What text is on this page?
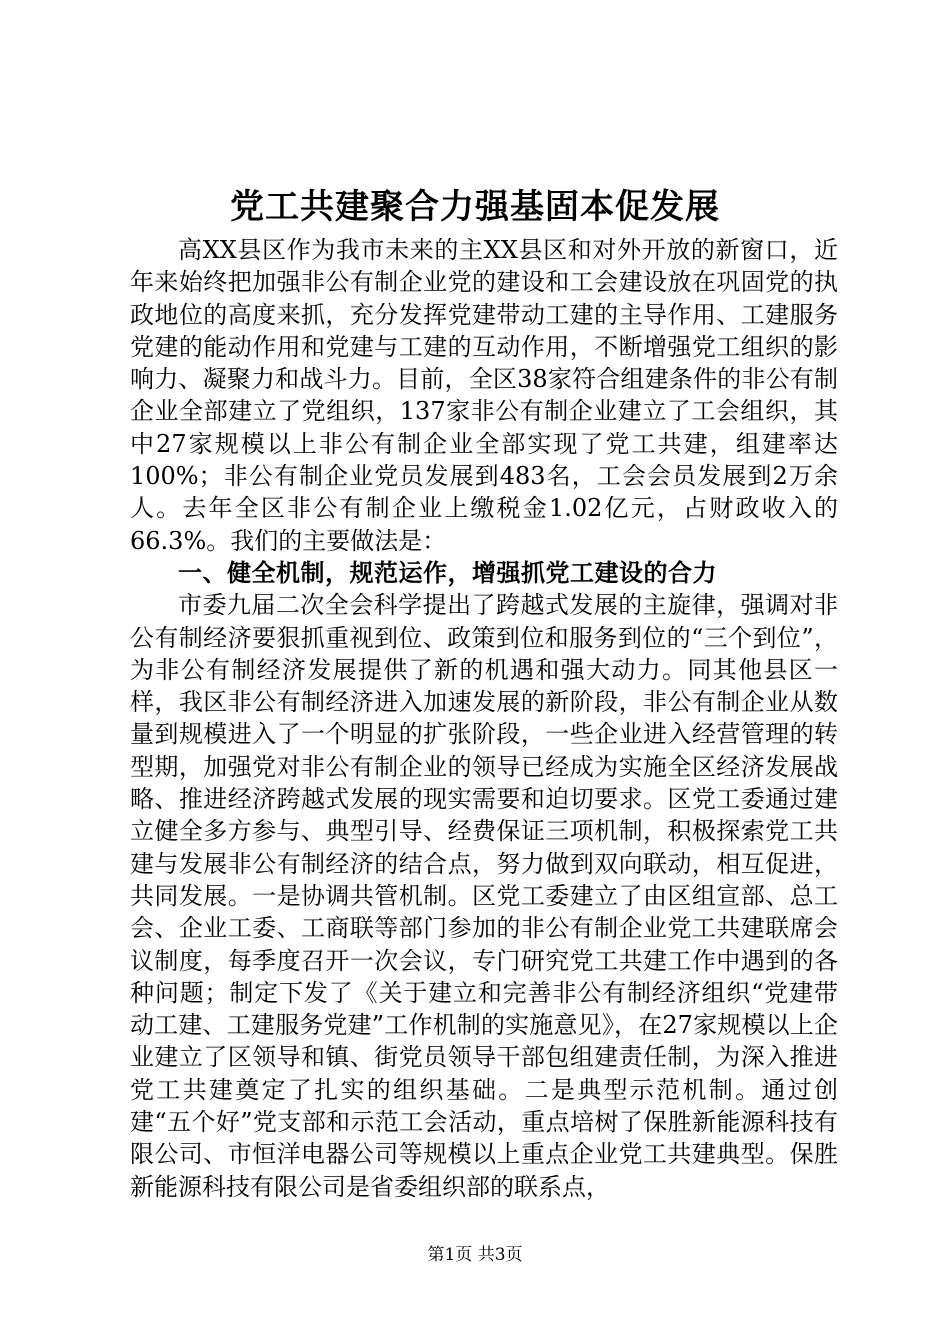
党工共建聚合力强基固本促发展

高XX县区作为我市未来的主XX县区和对外开放的新窗口，近年来始终把加强非公有制企业党的建设和工会建设放在巩固党的执政地位的高度来抓，充分发挥党建带动工建的主导作用、工建服务党建的能动作用和党建与工建的互动作用，不断增强党工组织的影响力、凝聚力和战斗力。目前，全区38家符合组建条件的非公有制企业全部建立了党组织，137家非公有制企业建立了工会组织，其中27家规模以上非公有制企业全部实现了党工共建，组建率达100%；非公有制企业党员发展到483名，工会会员发展到2万余人。去年全区非公有制企业上缴税金1.02亿元，占财政收入的66.3%。我们的主要做法是：

一、健全机制，规范运作，增强抓党工建设的合力

市委九届二次全会科学提出了跨越式发展的主旋律，强调对非公有制经济要狠抓重视到位、政策到位和服务到位的“三个到位”，为非公有制经济发展提供了新的机遇和强大动力。同其他县区一样，我区非公有制经济进入加速发展的新阶段，非公有制企业从数量到规模进入了一个明显的扩张阶段，一些企业进入经营管理的转型期，加强党对非公有制企业的领导已经成为实施全区经济发展战略、推进经济跨越式发展的现实需要和迫切要求。区党工委通过建立健全多方参与、典型引导、经费保证三项机制，积极探索党工共建与发展非公有制经济的结合点，努力做到双向联动，相互促进，共同发展。一是协调共管机制。区党工委建立了由区组宣部、总工会、企业工委、工商联等部门参加的非公有制企业党工共建联席会议制度，每季度召开一次会议，专门研究党工共建工作中遇到的各种问题；制定下发了《关于建立和完善非公有制经济组织“党建带动工建、工建服务党建”工作机制的实施意见》，在27家规模以上企业建立了区领导和镇、街党员领导干部包组建责任制，为深入推进党工共建奠定了扎实的组织基础。二是典型示范机制。通过创建“五个好”党支部和示范工会活动，重点培树了保胜新能源科技有限公司、市恒洋电器公司等规模以上重点企业党工共建典型。保胜新能源科技有限公司是省委组织部的联系点，

第1页 共3页
